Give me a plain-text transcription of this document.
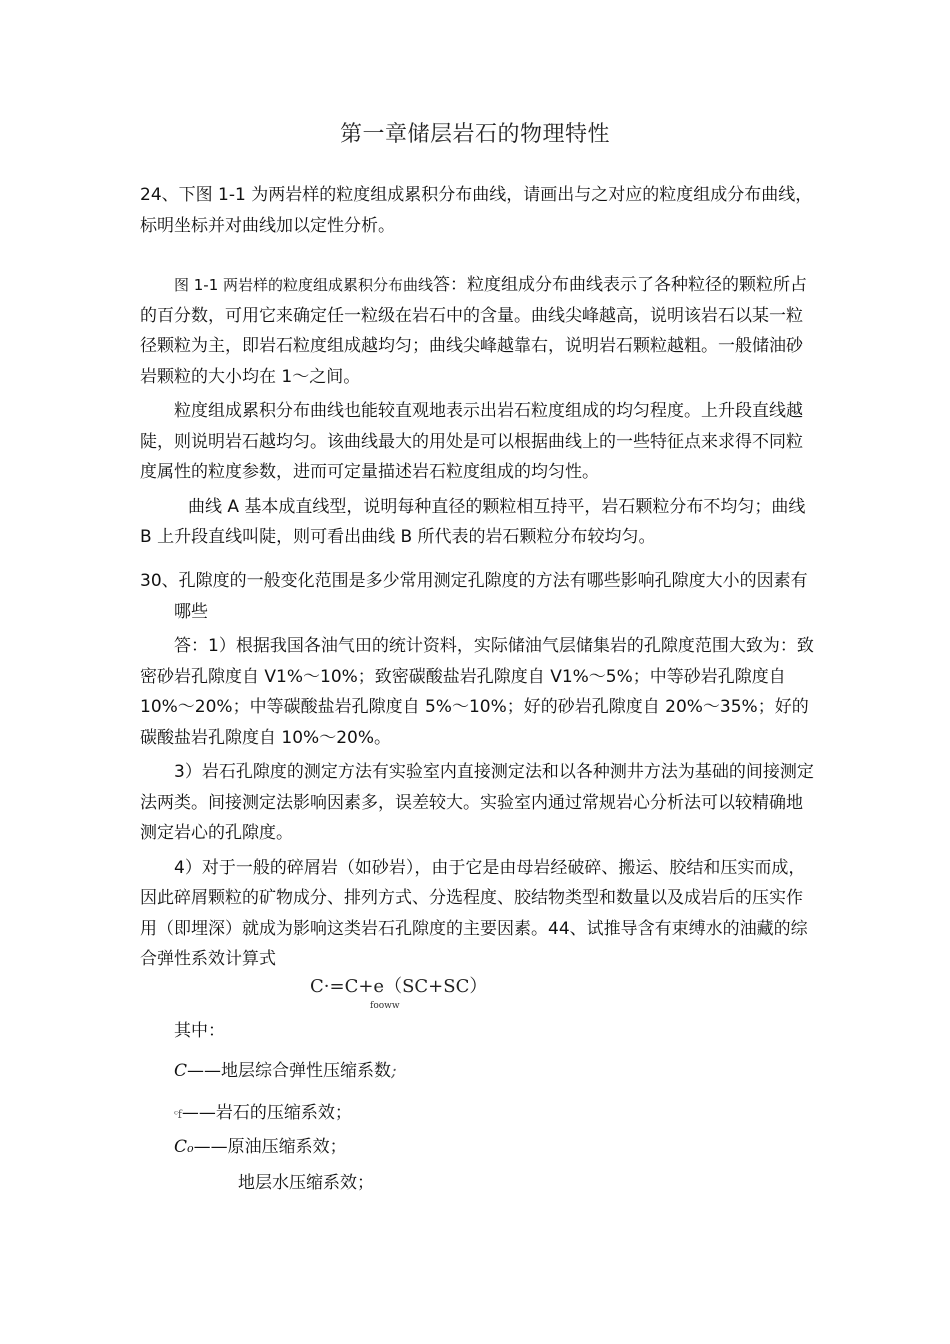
第一章储层岩石的物理特性

24、下图 1-1 为两岩样的粒度组成累积分布曲线，请画出与之对应的粒度组成分布曲线，标明坐标并对曲线加以定性分析。

图 1-1 两岩样的粒度组成累积分布曲线答：粒度组成分布曲线表示了各种粒径的颗粒所占的百分数，可用它来确定任一粒级在岩石中的含量。曲线尖峰越高，说明该岩石以某一粒径颗粒为主，即岩石粒度组成越均匀；曲线尖峰越靠右，说明岩石颗粒越粗。一般储油砂岩颗粒的大小均在 1〜之间。

粒度组成累积分布曲线也能较直观地表示出岩石粒度组成的均匀程度。上升段直线越陡，则说明岩石越均匀。该曲线最大的用处是可以根据曲线上的一些特征点来求得不同粒度属性的粒度参数，进而可定量描述岩石粒度组成的均匀性。

曲线 A 基本成直线型，说明每种直径的颗粒相互持平，岩石颗粒分布不均匀；曲线 B 上升段直线叫陡，则可看出曲线 B 所代表的岩石颗粒分布较均匀。

30、孔隙度的一般变化范围是多少常用测定孔隙度的方法有哪些影响孔隙度大小的因素有哪些

答：1）根据我国各油气田的统计资料，实际储油气层储集岩的孔隙度范围大致为：致密砂岩孔隙度自 V1%〜10%；致密碳酸盐岩孔隙度自 V1%〜5%；中等砂岩孔隙度自 10%〜20%；中等碳酸盐岩孔隙度自 5%〜10%；好的砂岩孔隙度自 20%〜35%；好的碳酸盐岩孔隙度自 10%〜20%。

3）岩石孔隙度的测定方法有实验室内直接测定法和以各种测井方法为基础的间接测定法两类。间接测定法影响因素多，误差较大。实验室内通过常规岩心分析法可以较精确地测定岩心的孔隙度。

4）对于一般的碎屑岩（如砂岩），由于它是由母岩经破碎、搬运、胶结和压实而成，因此碎屑颗粒的矿物成分、排列方式、分选程度、胶结物类型和数量以及成岩后的压实作用（即埋深）就成为影响这类岩石孔隙度的主要因素。44、试推导含有束缚水的油藏的综合弹性系效计算式

C·=C+e（SC+SC）
fooww
其中：
C——地层综合弹性压缩系数;
ᶜf——岩石的压缩系效；
Co——原油压缩系效；
地层水压缩系效；
